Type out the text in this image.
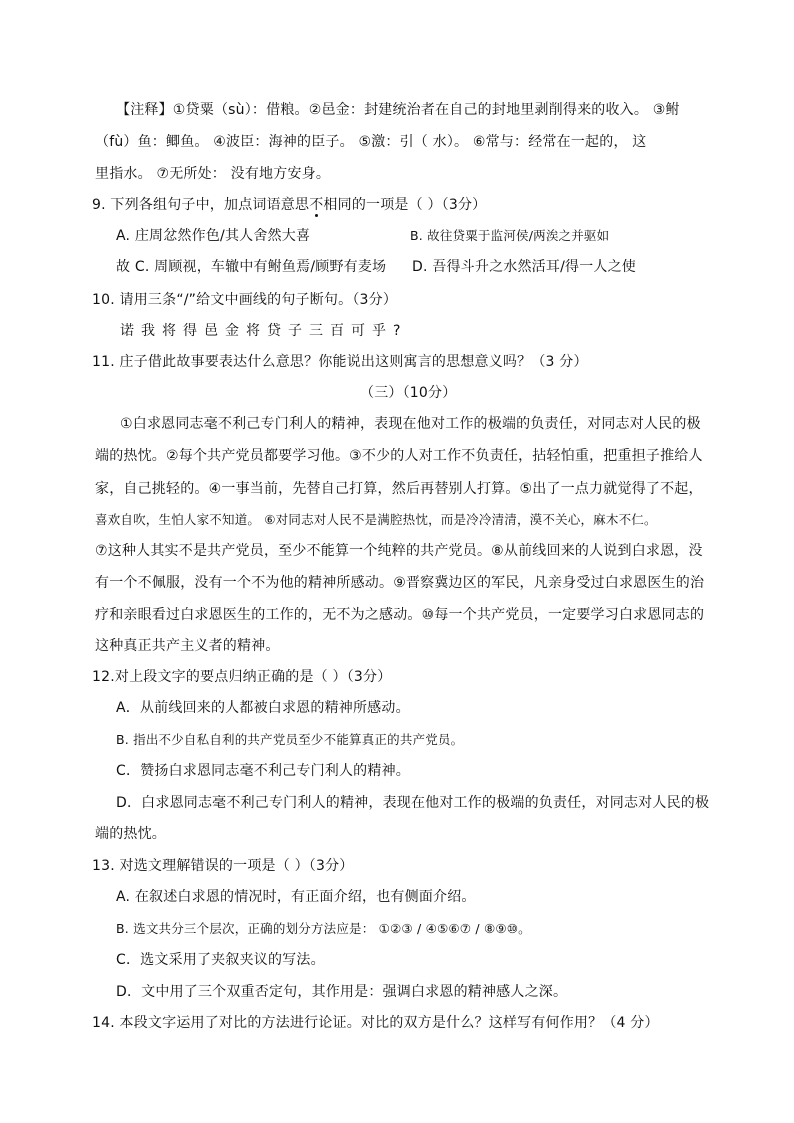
【注释】①贷粟（sù）：借粮。②邑金：封建统治者在自己的封地里剥削得来的收入。 ③鲋
（fù）鱼：鲫鱼。 ④波臣：海神的臣子。 ⑤激：引（ 水）。 ⑥常与：经常在一起的， 这
里指水。 ⑦无所处： 没有地方安身。
9. 下列各组句子中，加点词语意思不相同的一项是（ ）（3分）
A. 庄周忿然作色/其人舍然大喜	B. 故往贷粟于监河侯/两涘之并驱如
故 C. 周顾视，车辙中有鲋鱼焉/顾野有麦场 D. 吾得斗升之水然活耳/得一人之使
10. 请用三条“/”给文中画线的句子断句。（3分）
诺我将得邑金将贷子三百可乎?
11. 庄子借此故事要表达什么意思？你能说出这则寓言的思想意义吗？（3 分）
（三）（10分）
①白求恩同志毫不利己专门利人的精神，表现在他对工作的极端的负责任，对同志对人民的极
端的热忱。②每个共产党员都要学习他。③不少的人对工作不负责任，拈轻怕重，把重担子推给人
家，自己挑轻的。④一事当前，先替自己打算，然后再替别人打算。⑤出了一点力就觉得了不起，
喜欢自吹，生怕人家不知道。 ⑥对同志对人民不是满腔热忱，而是冷冷清清，漠不关心，麻木不仁。
⑦这种人其实不是共产党员，至少不能算一个纯粹的共产党员。⑧从前线回来的人说到白求恩，没
有一个不佩服，没有一个不为他的精神所感动。⑨晋察冀边区的军民，凡亲身受过白求恩医生的治
疗和亲眼看过白求恩医生的工作的，无不为之感动。⑩每一个共产党员，一定要学习白求恩同志的
这种真正共产主义者的精神。
12.对上段文字的要点归纳正确的是（ ）（3分）
A．从前线回来的人都被白求恩的精神所感动。
B. 指出不少自私自利的共产党员至少不能算真正的共产党员。
C．赞扬白求恩同志毫不利己专门利人的精神。
D．白求恩同志毫不利己专门利人的精神，表现在他对工作的极端的负责任，对同志对人民的极
端的热忱。
13. 对选文理解错误的一项是（ ）（3分）
A. 在叙述白求恩的情况时，有正面介绍，也有侧面介绍。
B. 选文共分三个层次，正确的划分方法应是： ①②③ / ④⑤⑥⑦ / ⑧⑨⑩。
C．选文采用了夹叙夹议的写法。
D．文中用了三个双重否定句，其作用是：强调白求恩的精神感人之深。
14. 本段文字运用了对比的方法进行论证。对比的双方是什么？这样写有何作用？（4 分）
